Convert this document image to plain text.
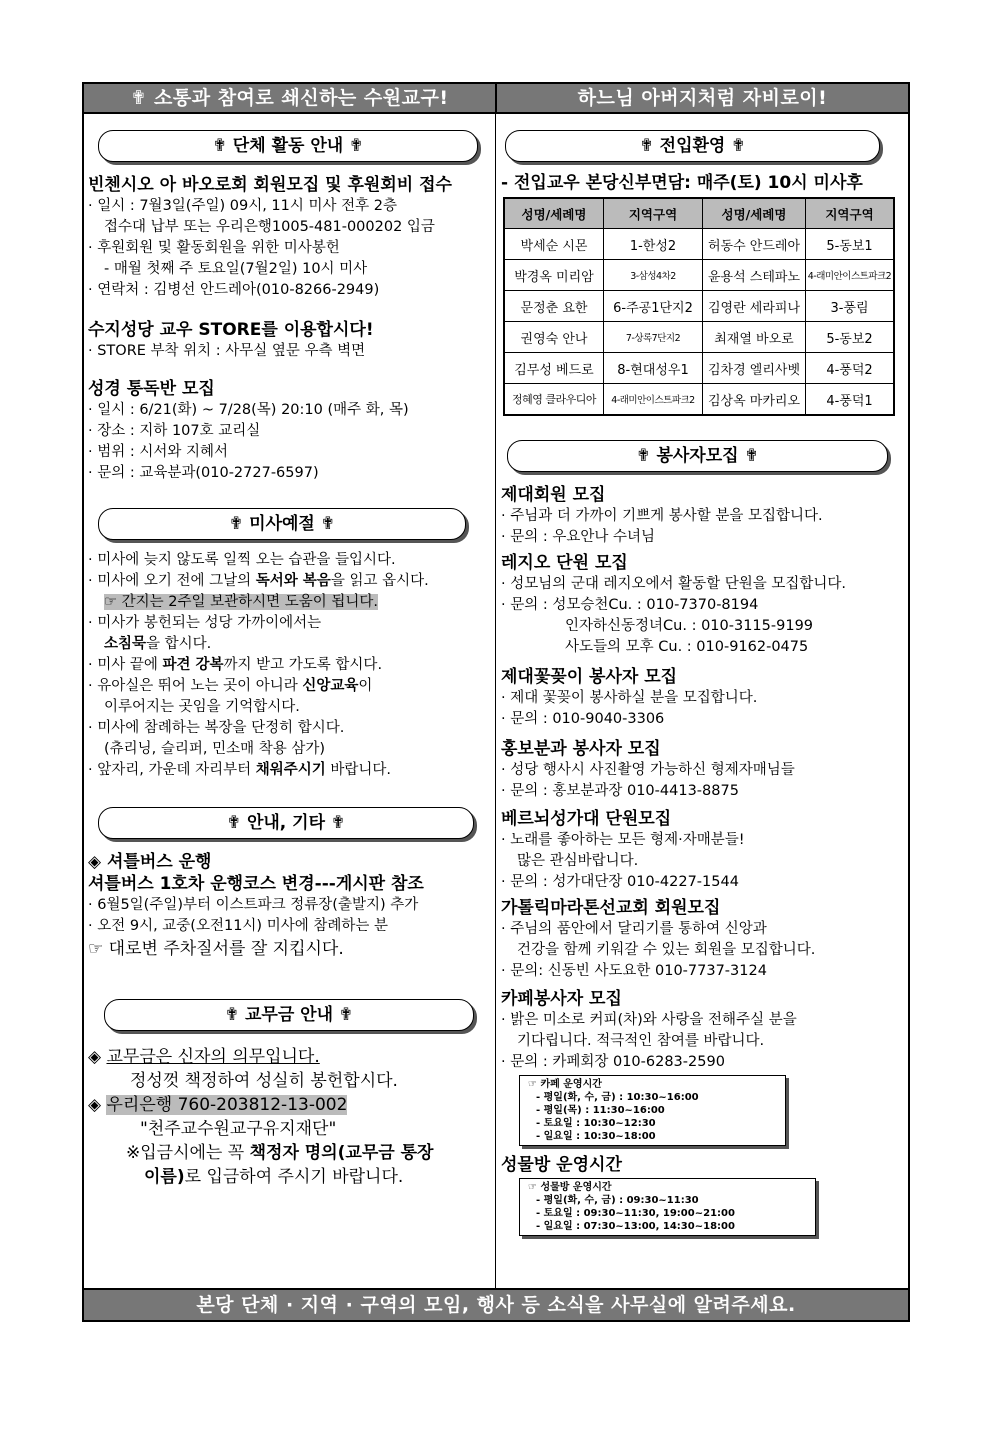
✟ 소통과 참여로 쇄신하는 수원교구!	하느님 아버지처럼 자비로이!
✟ 단체 활동 안내 ✟
빈첸시오 아 바오로회 회원모집 및 후원회비 접수
· 일시 : 7월3일(주일) 09시, 11시 미사 전후 2층
접수대 납부 또는 우리은행1005-481-000202 입금
· 후원회원 및 활동회원을 위한 미사봉헌
- 매월 첫째 주 토요일(7월2일) 10시 미사
· 연락처 : 김병선 안드레아(010-8266-2949)
수지성당 교우 STORE를 이용합시다!
· STORE 부착 위치 : 사무실 옆문 우측 벽면
성경 통독반 모집
· 일시 : 6/21(화) ~ 7/28(목) 20:10 (매주 화, 목)
· 장소 : 지하 107호 교리실
· 범위 : 시서와 지혜서
· 문의 : 교육분과(010-2727-6597)
✟ 미사예절 ✟
· 미사에 늦지 않도록 일찍 오는 습관을 들입시다.
· 미사에 오기 전에 그날의 독서와 복음을 읽고 옵시다.
☞ 간지는 2주일 보관하시면 도움이 됩니다.
· 미사가 봉헌되는 성당 가까이에서는
소침묵을 합시다.
· 미사 끝에 파견 강복까지 받고 가도록 합시다.
· 유아실은 뛰어 노는 곳이 아니라 신앙교육이
이루어지는 곳임을 기억합시다.
· 미사에 참례하는 복장을 단정히 합시다.
(츄리닝, 슬리퍼, 민소매 착용 삼가)
· 앞자리, 가운데 자리부터 채워주시기 바랍니다.
✟ 안내, 기타 ✟
◈ 셔틀버스 운행
셔틀버스 1호차 운행코스 변경---게시판 참조
· 6월5일(주일)부터 이스트파크 정류장(출발지) 추가
· 오전 9시, 교중(오전11시) 미사에 참례하는 분
☞ 대로변 주차질서를 잘 지킵시다.
✟ 교무금 안내 ✟
◈ 교무금은 신자의 의무입니다.
정성껏 책정하여 성실히 봉헌합시다.
◈ 우리은행 760-203812-13-002
"천주교수원교구유지재단"
※입금시에는 꼭 책정자 명의(교무금 통장
이름)로 입금하여 주시기 바랍니다.
✟ 전입환영 ✟
- 전입교우 본당신부면담: 매주(토) 10시 미사후
성명/세례명	지역구역	성명/세례명	지역구역
박세순 시몬	1-한성2	허동수 안드레아	5-동보1
박경옥 미리암	3-삼성4차2	윤용석 스테파노	4-래미안이스트파크2
문정춘 요한	6-주공1단지2	김영란 세라피나	3-풍림
권영숙 안나	7-상록7단지2	최재열 바오로	5-동보2
김무성 베드로	8-현대성우1	김차경 엘리사벳	4-풍덕2
정혜영 클라우디아	4-래미안이스트파크2	김상옥 마카리오	4-풍덕1
✟ 봉사자모집 ✟
제대회원 모집
· 주님과 더 가까이 기쁘게 봉사할 분을 모집합니다.
· 문의 : 우요안나 수녀님
레지오 단원 모집
· 성모님의 군대 레지오에서 활동할 단원을 모집합니다.
· 문의 : 성모승천Cu. : 010-7370-8194
인자하신동정녀Cu. : 010-3115-9199
사도들의 모후 Cu. : 010-9162-0475
제대꽃꽂이 봉사자 모집
· 제대 꽃꽂이 봉사하실 분을 모집합니다.
· 문의 : 010-9040-3306
홍보분과 봉사자 모집
· 성당 행사시 사진촬영 가능하신 형제자매님들
· 문의 : 홍보분과장 010-4413-8875
베르뇌성가대 단원모집
· 노래를 좋아하는 모든 형제·자매분들!
많은 관심바랍니다.
· 문의 : 성가대단장 010-4227-1544
가톨릭마라톤선교회 회원모집
· 주님의 품안에서 달리기를 통하여 신앙과
건강을 함께 키워갈 수 있는 회원을 모집합니다.
· 문의: 신동빈 사도요한 010-7737-3124
카페봉사자 모집
· 밝은 미소로 커피(차)와 사랑을 전해주실 분을
기다립니다. 적극적인 참여를 바랍니다.
· 문의 : 카페회장 010-6283-2590
☞ 카페 운영시간
- 평일(화, 수, 금) : 10:30~16:00
- 평일(목) : 11:30~16:00
- 토요일 : 10:30~12:30
- 일요일 : 10:30~18:00
성물방 운영시간
☞ 성물방 운영시간
- 평일(화, 수, 금) : 09:30~11:30
- 토요일 : 09:30~11:30, 19:00~21:00
- 일요일 : 07:30~13:00, 14:30~18:00
본당 단체 · 지역 · 구역의 모임, 행사 등 소식을 사무실에 알려주세요.
